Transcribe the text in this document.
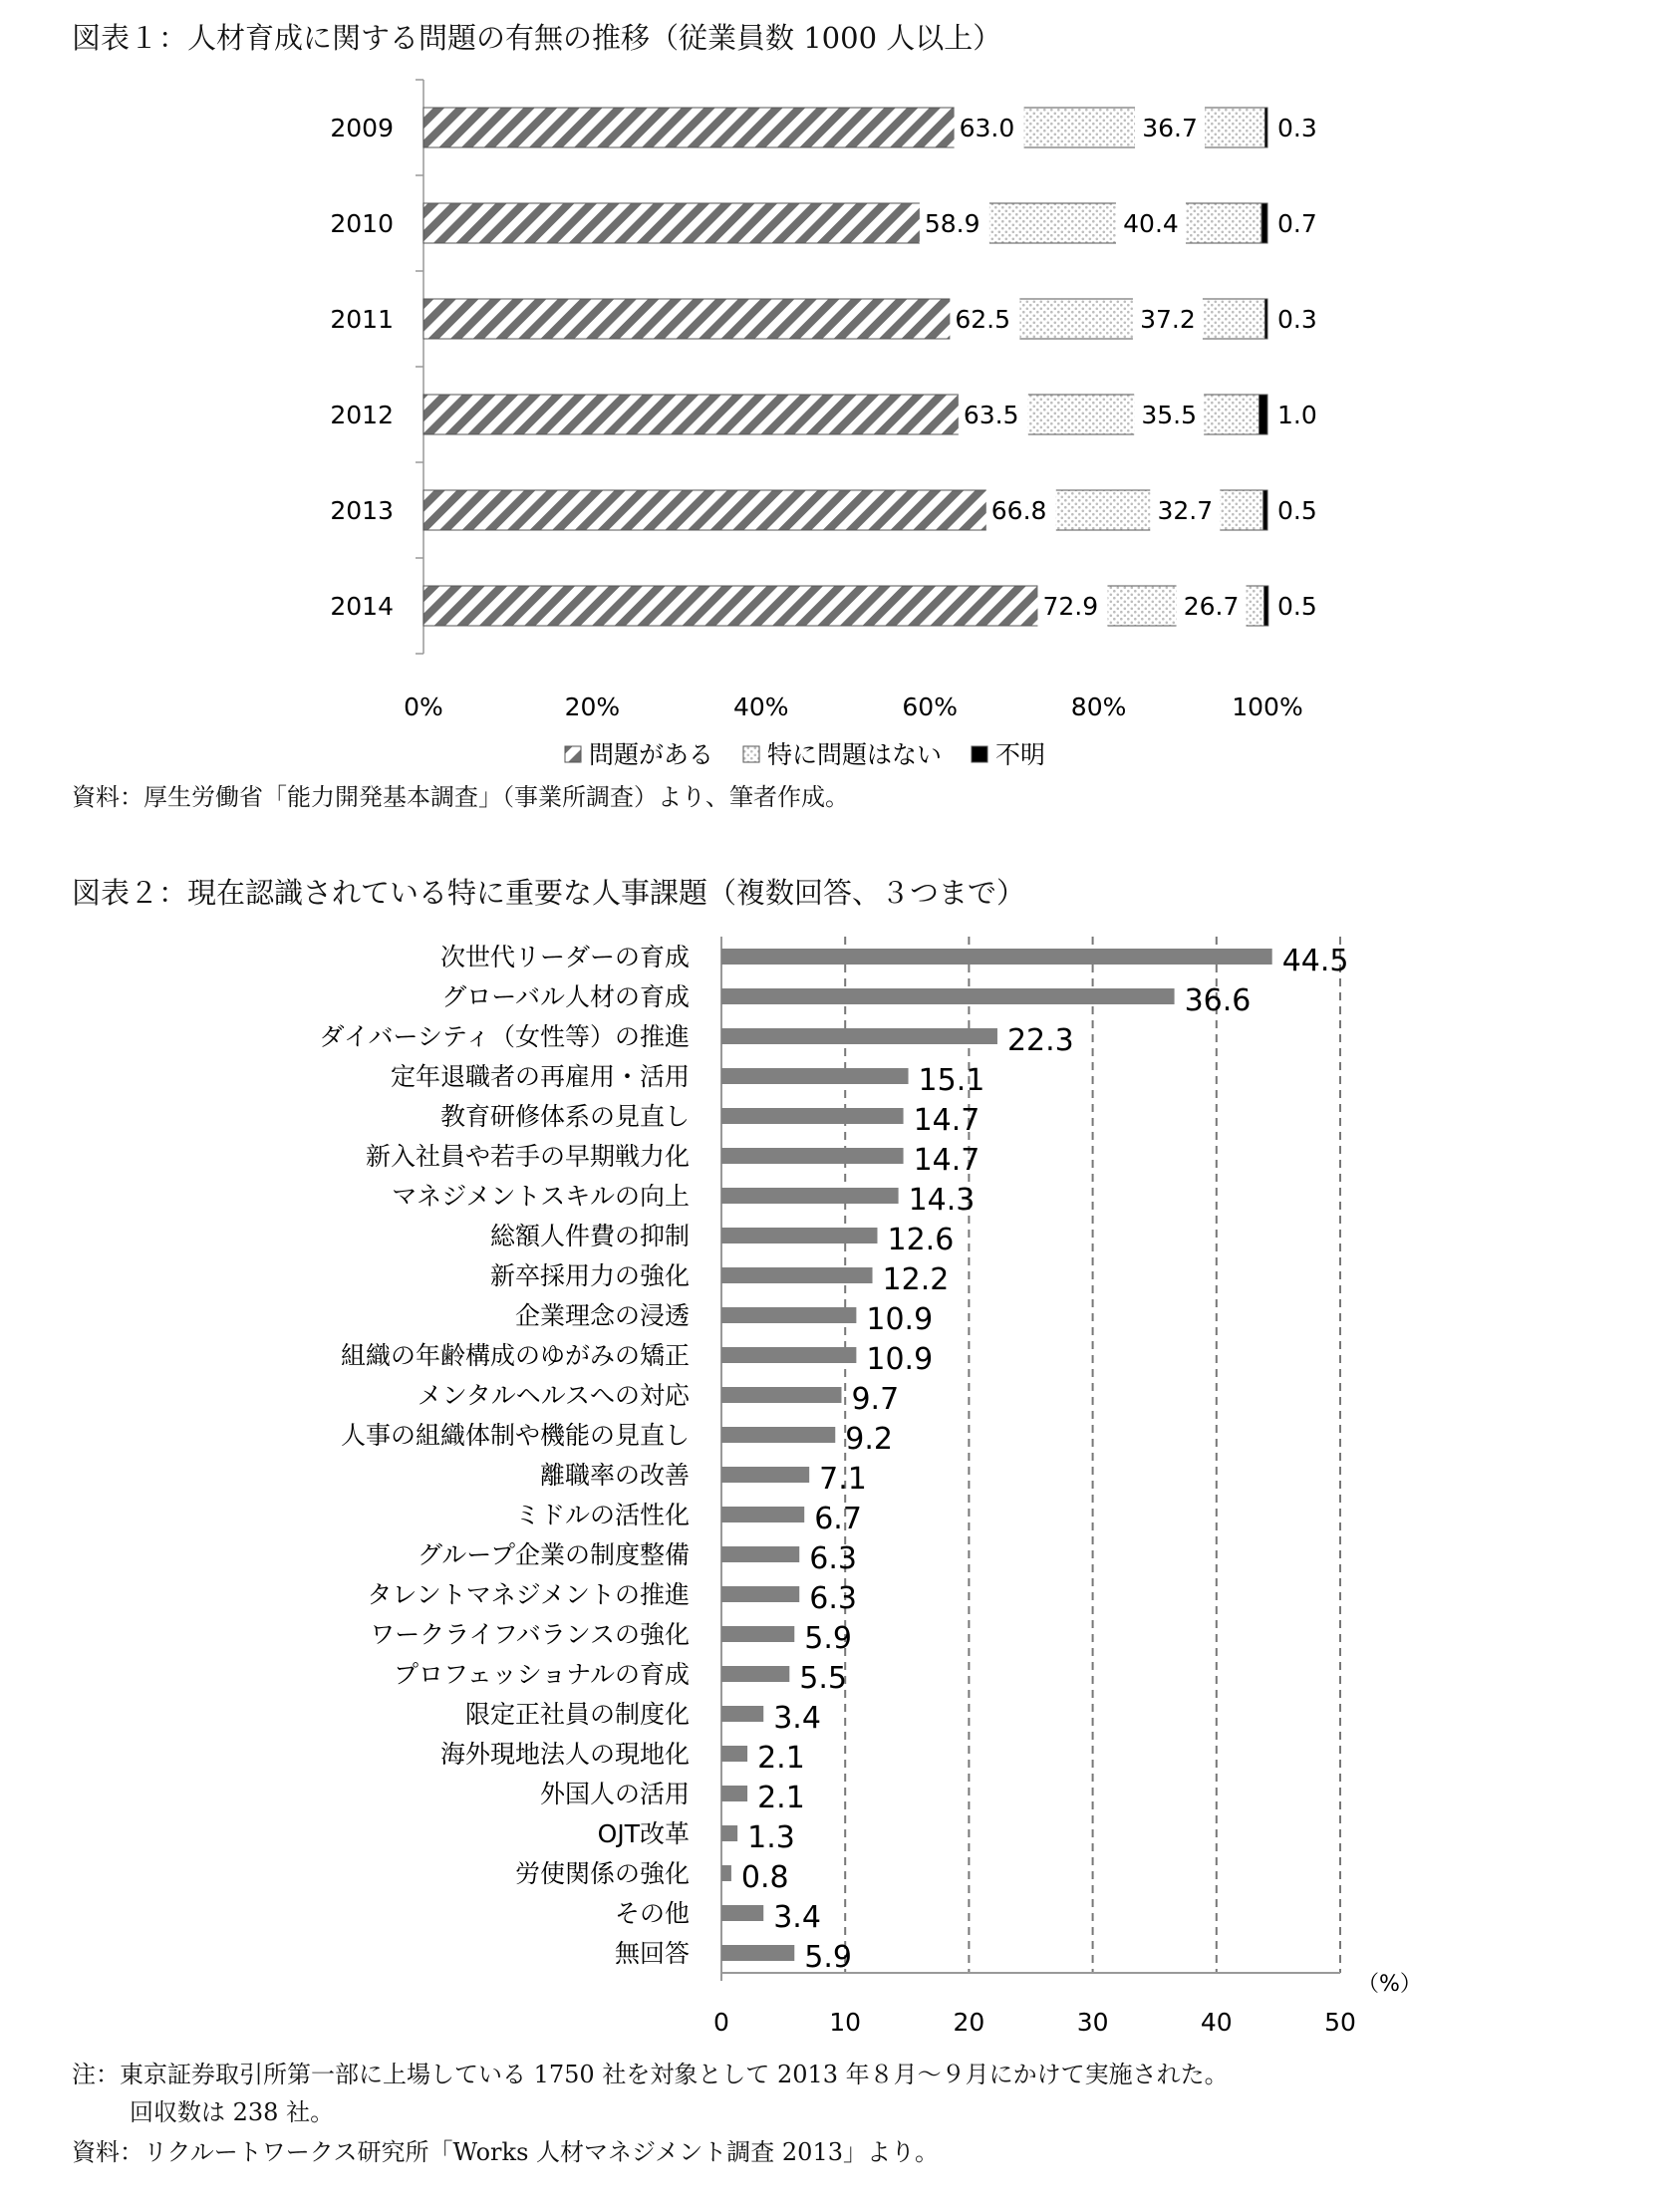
図表１：人材育成に関する問題の有無の推移（従業員数 1000 人以上）
2009	63.0	36.7	0.3
2010	58.9	40.4	0.7
2011	62.5	37.2	0.3
2012	63.5	35.5	1.0
2013	66.8	32.7	0.5
2014	72.9	26.7 0.5
0%	20%	40%	60%	80%	100%
問題がある 特に問題はない 不明
資料：厚生労働省「能力開発基本調査」（事業所調査）より、筆者作成。
図表２：現在認識されている特に重要な人事課題（複数回答、３つまで）
次世代リーダーの育成	44.5
グローバル人材の育成	36.6
ダイバーシティ（女性等）の推進	22.3
定年退職者の再雇用・活用	15.1
教育研修体系の見直し	14.7
新入社員や若手の早期戦力化	14.7
マネジメントスキルの向上	14.3
総額人件費の抑制	12.6
新卒採用力の強化	12.2
企業理念の浸透	10.9
組織の年齢構成のゆがみの矯正	10.9
メンタルヘルスへの対応	9.7
人事の組織体制や機能の見直し	9.2
離職率の改善	7.1
ミドルの活性化	6.7
グループ企業の制度整備	6.3
タレントマネジメントの推進	6.3
ワークライフバランスの強化	5.9
プロフェッショナルの育成	5.5
限定正社員の制度化	3.4
海外現地法人の現地化 2.1
外国人の活用 2.1
OJT改革 1.3
労使関係の強化 0.8
その他	3.4
無回答	5.9
0	10	20	30	40	50
（%）
注：東京証券取引所第一部に上場している 1750 社を対象として 2013 年８月～９月にかけて実施された。
回収数は 238 社。
資料：リクルートワークス研究所「Works 人材マネジメント調査 2013」より。
